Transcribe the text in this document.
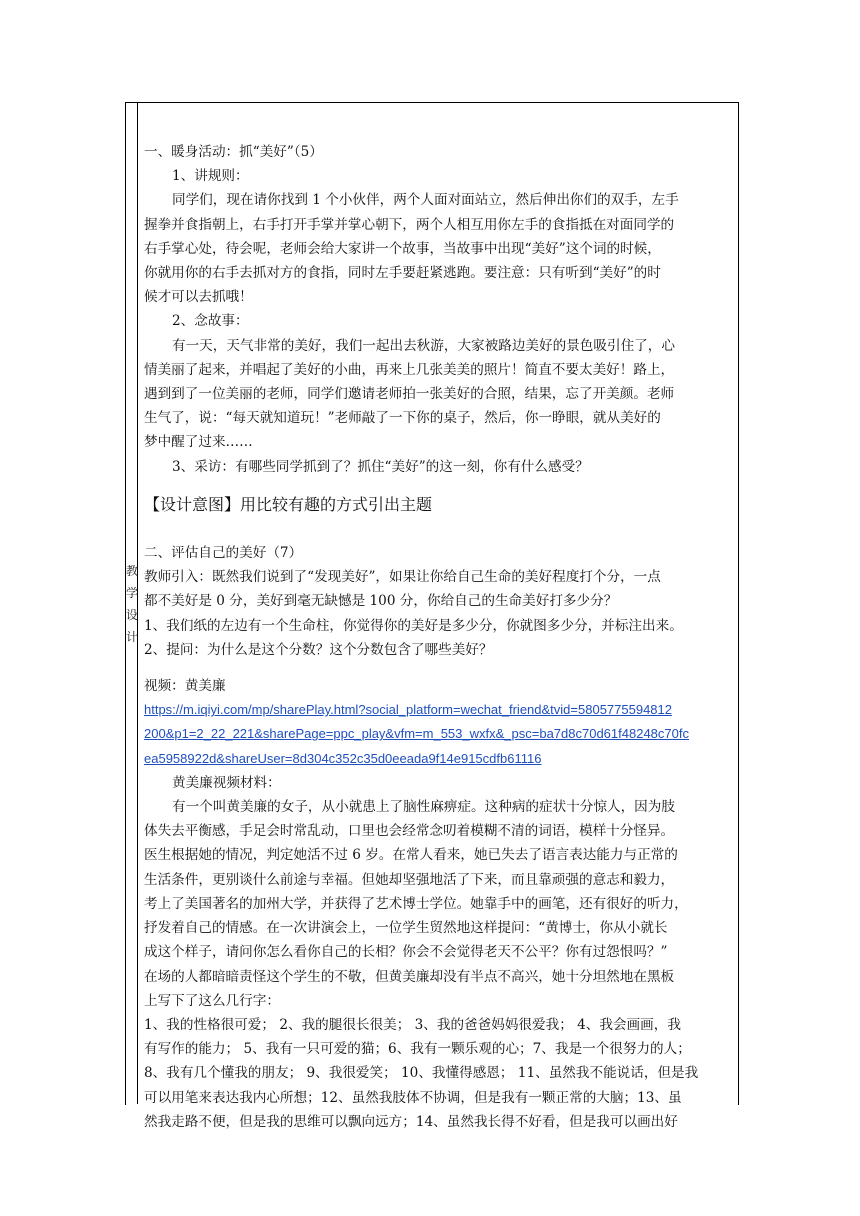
教
学
设
计

一、暖身活动：抓“美好”（5）

1、讲规则：

同学们，现在请你找到 1 个小伙伴，两个人面对面站立，然后伸出你们的双手，左手

握拳并食指朝上，右手打开手掌并掌心朝下，两个人相互用你左手的食指抵在对面同学的

右手掌心处，待会呢，老师会给大家讲一个故事，当故事中出现“美好”这个词的时候，

你就用你的右手去抓对方的食指，同时左手要赶紧逃跑。要注意：只有听到“美好”的时

候才可以去抓哦！

2、念故事：

有一天，天气非常的美好，我们一起出去秋游，大家被路边美好的景色吸引住了，心

情美丽了起来，并唱起了美好的小曲，再来上几张美美的照片！简直不要太美好！路上，

遇到到了一位美丽的老师，同学们邀请老师拍一张美好的合照，结果，忘了开美颜。老师

生气了，说：“每天就知道玩！”老师敲了一下你的桌子，然后，你一睁眼，就从美好的

梦中醒了过来……

3、采访：有哪些同学抓到了？抓住“美好”的这一刻，你有什么感受？

【设计意图】用比较有趣的方式引出主题

二、评估自己的美好（7）

教师引入：既然我们说到了“发现美好”，如果让你给自己生命的美好程度打个分，一点

都不美好是 0 分，美好到毫无缺憾是 100 分，你给自己的生命美好打多少分？

1、我们纸的左边有一个生命柱，你觉得你的美好是多少分，你就图多少分，并标注出来。

2、提问：为什么是这个分数？这个分数包含了哪些美好？

视频：黄美廉

https://m.iqiyi.com/mp/sharePlay.html?social_platform=wechat_friend&tvid=5805775594812

200&p1=2_22_221&sharePage=ppc_play&vfm=m_553_wxfx&_psc=ba7d8c70d61f48248c70fc

ea5958922d&shareUser=8d304c352c35d0eeada9f14e915cdfb61116

黄美廉视频材料：

有一个叫黄美廉的女子，从小就患上了脑性麻痹症。这种病的症状十分惊人，因为肢

体失去平衡感，手足会时常乱动，口里也会经常念叨着模糊不清的词语，模样十分怪异。

医生根据她的情况，判定她活不过 6 岁。在常人看来，她已失去了语言表达能力与正常的

生活条件，更别谈什么前途与幸福。但她却坚强地活了下来，而且靠顽强的意志和毅力，

考上了美国著名的加州大学，并获得了艺术博士学位。她靠手中的画笔，还有很好的听力，

抒发着自己的情感。在一次讲演会上，一位学生贸然地这样提问：“黄博士，你从小就长

成这个样子，请问你怎么看你自己的长相？你会不会觉得老天不公平？你有过怨恨吗？”

在场的人都暗暗责怪这个学生的不敬，但黄美廉却没有半点不高兴，她十分坦然地在黑板

上写下了这么几行字：

1、我的性格很可爱； 2、我的腿很长很美； 3、我的爸爸妈妈很爱我； 4、我会画画，我

有写作的能力； 5、我有一只可爱的猫；6、我有一颗乐观的心；7、我是一个很努力的人；

8、我有几个懂我的朋友； 9、我很爱笑； 10、我懂得感恩； 11、虽然我不能说话，但是我

可以用笔来表达我内心所想；12、虽然我肢体不协调，但是我有一颗正常的大脑；13、虽

然我走路不便，但是我的思维可以飘向远方；14、虽然我长得不好看，但是我可以画出好
